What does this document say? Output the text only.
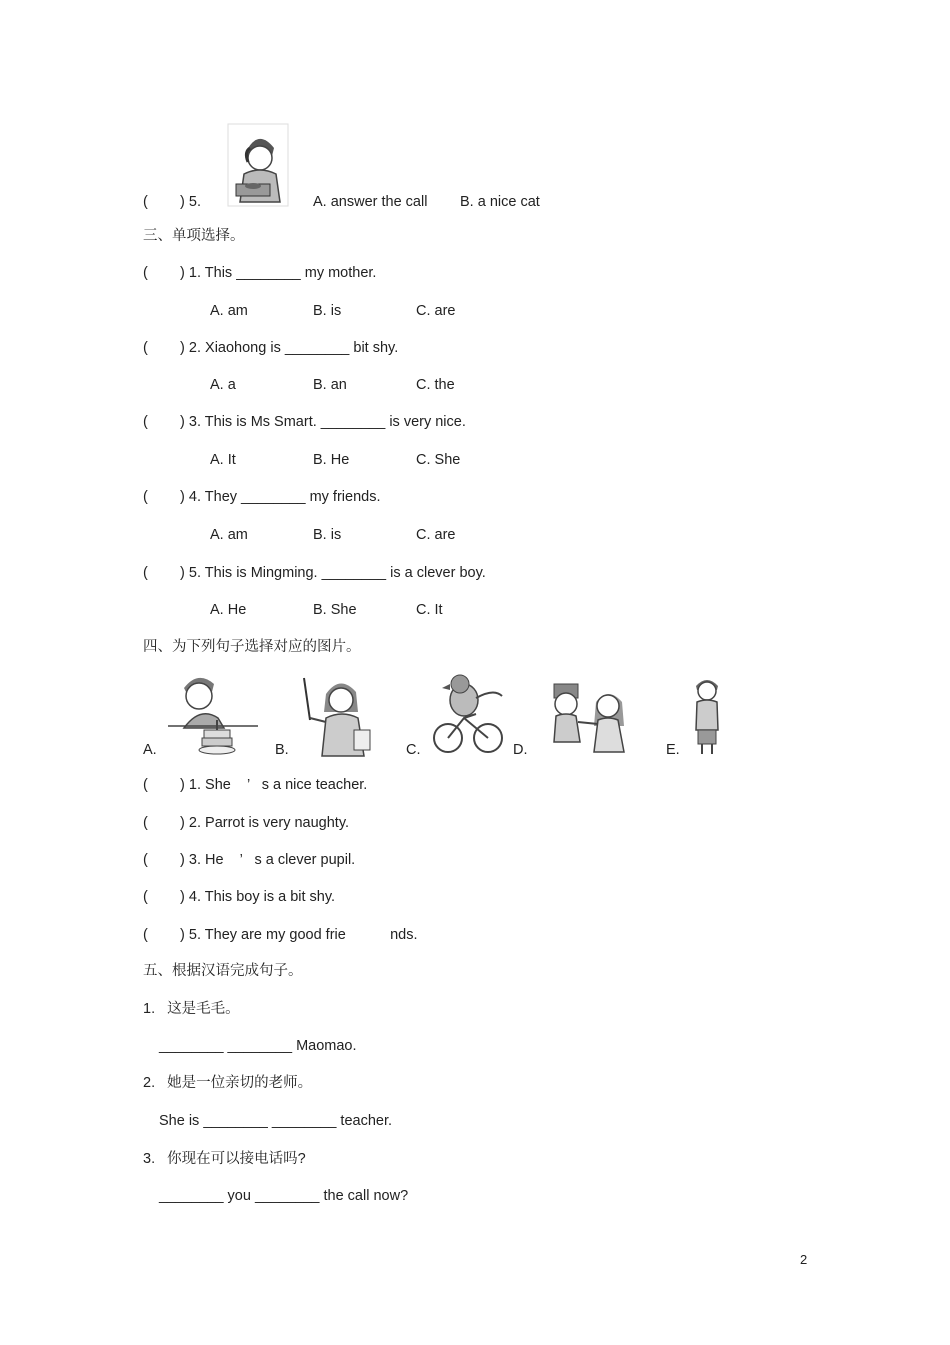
(        ) 5.	A. answer the call B. a nice cat
三、单项选择。
(        ) 1. This ________ my mother.
A. am	B. is	C. are
(        ) 2. Xiaohong is ________ bit shy.
A. a	B. an	C. the
(        ) 3. This is Ms Smart. ________ is very nice.
A. It	B. He	C. She
(        ) 4. They ________ my friends.
A. am	B. is	C. are
(        ) 5. This is Mingming. ________ is a clever boy.
A. He	B. She	C. It
四、为下列句子选择对应的图片。
A.	B.	C.	D.	E.
(        ) 1. She    ’   s a nice teacher.
(        ) 2. Parrot is very naughty.
(        ) 3. He    ’   s a clever pupil.
(        ) 4. This boy is a bit shy.
(        ) 5. They are my good frie           nds.
五、根据汉语完成句子。
1.   这是毛毛。
________ ________ Maomao.
2.   她是一位亲切的老师。
She is ________ ________ teacher.
3.   你现在可以接电话吗?
________ you ________ the call now?
2
